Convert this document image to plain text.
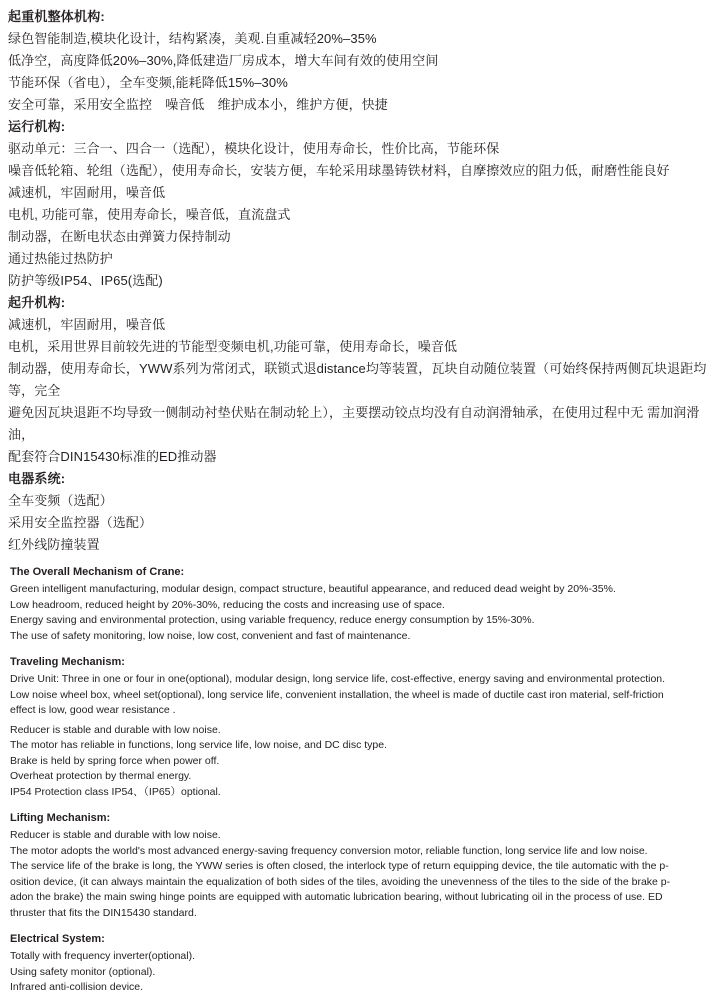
起重机整体机构:

绿色智能制造,模块化设计，结构紧凑，美观.自重减轻20%–35%

低净空，高度降低20%–30%,降低建造厂房成本，增大车间有效的使用空间

节能环保（省电），全车变频,能耗降低15%–30%

安全可靠，采用安全监控　噪音低　维护成本小，维护方便，快捷

运行机构:

驱动单元：三合一、四合一（选配），模块化设计，使用寿命长，性价比高，节能环保

噪音低轮箱、轮组（选配），使用寿命长，安装方便，车轮采用球墨铸铁材料，自摩擦效应的阻力低，耐磨性能良好

减速机，牢固耐用，噪音低

电机, 功能可靠，使用寿命长，噪音低，直流盘式

制动器，在断电状态由弹簧力保持制动

通过热能过热防护

防护等级IP54、IP65(选配)

起升机构:

减速机，牢固耐用，噪音低

电机，采用世界目前较先进的节能型变频电机,功能可靠，使用寿命长，噪音低

制动器，使用寿命长，YWW系列为常闭式，联锁式退distance均等装置，瓦块自动随位装置（可始终保持两侧瓦块退距均等，完全

避免因瓦块退距不均导致一侧制动衬垫伏贴在制动轮上），主要摆动铰点均没有自动润滑轴承，在使用过程中无 需加润滑油，

配套符合DIN15430标准的ED推动器

电器系统:

全车变频（选配）

采用安全监控器（选配）

红外线防撞装置

The Overall Mechanism of Crane:

Green intelligent manufacturing, modular design, compact structure, beautiful appearance, and reduced dead weight by 20%-35%.

Low headroom, reduced height by 20%-30%, reducing the costs and increasing use of space.

Energy saving and environmental protection, using variable frequency, reduce energy consumption by 15%-30%.

The use of safety monitoring, low noise, low cost, convenient and fast of maintenance.

Traveling Mechanism:

Drive Unit: Three in one or four in one(optional), modular design, long service life, cost-effective, energy saving and environmental protection.

Low noise wheel box, wheel set(optional), long service life, convenient installation, the wheel is made of ductile cast iron material, self-friction

effect is low, good wear resistance .

Reducer is stable and durable with low noise.

The motor has reliable in functions, long service life, low noise, and DC disc type.

Brake is held by spring force when power off.

Overheat protection by thermal energy.

IP54 Protection class IP54、（IP65）optional.

Lifting Mechanism:

Reducer is stable and durable with low noise.

The motor adopts the world's most advanced energy-saving frequency conversion motor, reliable function, long service life and low noise.

The service life of the brake is long, the YWW series is often closed, the interlock type of return equipping device, the tile automatic with the p-

osition device, (it can always maintain the equalization of both sides of the tiles, avoiding the unevenness of the tiles to the side of the brake p-

adon the brake) the main swing hinge points are equipped with automatic lubrication bearing, without lubricating oil in the process of use. ED

thruster that fits the DIN15430 standard.

Electrical System:

Totally with frequency inverter(optional).

Using safety monitor (optional).

Infrared anti-collision device.
